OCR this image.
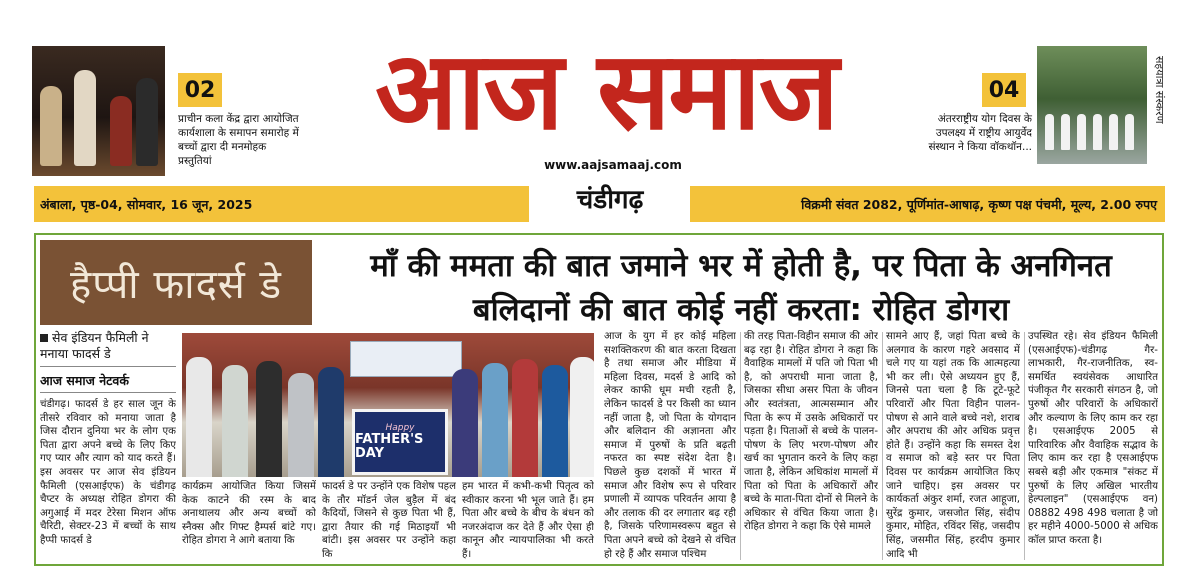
02
प्राचीन कला केंद्र द्वारा आयोजित कार्यशाला के समापन समारोह में बच्चों द्वारा दी मनमोहक प्रस्तुतियां
आज समाज
www.aajsamaaj.com
04
अंतरराष्ट्रीय योग दिवस के उपलक्ष्य में राष्ट्रीय आयुर्वेद संस्थान ने किया वॉकथॉन...
सहयात्रा संस्करण
अंबाला, पृष्ठ-04, सोमवार, 16 जून, 2025	चंडीगढ़	विक्रमी संवत 2082, पूर्णिमांत-आषाढ़, कृष्ण पक्ष पंचमी, मूल्य, 2.00 रुपए
हैप्पी फादर्स डे	माँ की ममता की बात जमाने भर में होती है, पर पिता के अनगिनत बलिदानों की बात कोई नहीं करता: रोहित डोगरा
सेव इंडियन फैमिली ने मनाया फादर्स डे
आज समाज नेटवर्क
चंडीगढ़। फादर्स डे हर साल जून के तीसरे रविवार को मनाया जाता है जिस दौरान दुनिया भर के लोग एक पिता द्वारा अपने बच्चे के लिए किए गए प्यार और त्याग को याद करते हैं। इस अवसर पर आज सेव इंडियन फैमिली (एसआईएफ) के चंडीगढ़ चैप्टर के अध्यक्ष रोहित डोगरा की अगुआई में मदर टेरेसा मिशन ऑफ चैरिटी, सेक्टर-23 में बच्चों के साथ हैप्पी फादर्स डे
Happy
FATHER'S DAY
कार्यक्रम आयोजित किया जिसमें केक काटने की रस्म के बाद अनाथालय और अन्य बच्चों को स्नैक्स और गिफ्ट हैम्पर्स बांटे गए। रोहित डोगरा ने आगे बताया कि
फादर्स डे पर उन्होंने एक विशेष पहल के तौर मॉडर्न जेल बुड़ैल में बंद कैदियों, जिसने से कुछ पिता भी हैं, द्वारा तैयार की गई मिठाइयाँ भी बांटी। इस अवसर पर उन्होंने कहा कि
हम भारत में कभी-कभी पितृत्व को स्वीकार करना भी भूल जाते हैं। हम पिता और बच्चे के बीच के बंधन को नजरअंदाज कर देते हैं और ऐसा ही कानून और न्यायपालिका भी करते हैं।
आज के युग में हर कोई महिला सशक्तिकरण की बात करता दिखता है तथा समाज और मीडिया में महिला दिवस, मदर्स डे आदि को लेकर काफी धूम मची रहती है, लेकिन फादर्स डे पर किसी का ध्यान नहीं जाता है, जो पिता के योगदान और बलिदान की अज्ञानता और समाज में पुरुषों के प्रति बढ़ती नफरत का स्पष्ट संदेश देता है। पिछले कुछ दशकों में भारत में समाज और विशेष रूप से परिवार प्रणाली में व्यापक परिवर्तन आया है और तलाक की दर लगातार बढ़ रही है, जिसके परिणामस्वरूप बहुत से पिता अपने बच्चे को देखने से वंचित हो रहे हैं और समाज पश्चिम
की तरह पिता-विहीन समाज की ओर बढ़ रहा है। रोहित डोगरा ने कहा कि वैवाहिक मामलों में पति जो पिता भी है, को अपराधी माना जाता है, जिसका सीधा असर पिता के जीवन और स्वतंत्रता, आत्मसम्मान और पिता के रूप में उसके अधिकारों पर पड़ता है। पिताओं से बच्चे के पालन-पोषण के लिए भरण-पोषण और खर्च का भुगतान करने के लिए कहा जाता है, लेकिन अधिकांश मामलों में पिता को पिता के अधिकारों और बच्चे के माता-पिता दोनों से मिलने के अधिकार से वंचित किया जाता है। रोहित डोगरा ने कहा कि ऐसे मामले
सामने आए हैं, जहां पिता बच्चे के अलगाव के कारण गहरे अवसाद में चले गए या यहां तक कि आत्महत्या भी कर ली। ऐसे अध्ययन हुए हैं, जिनसे पता चला है कि टूटे-फूटे परिवारों और पिता विहीन पालन-पोषण से आने वाले बच्चे नशे, शराब और अपराध की ओर अधिक प्रवृत्त होते हैं। उन्होंने कहा कि समस्त देश व समाज को बड़े स्तर पर पिता दिवस पर कार्यक्रम आयोजित किए जाने चाहिए। इस अवसर पर कार्यकर्ता अंकुर शर्मा, रजत आहूजा, सुरेंद्र कुमार, जसजोत सिंह, संदीप कुमार, मोहित, रविंदर सिंह, जसदीप सिंह, जसमीत सिंह, हरदीप कुमार आदि भी
उपस्थित रहे। सेव इंडियन फैमिली (एसआईएफ)-चंडीगढ़ गैर-लाभकारी, गैर-राजनीतिक, स्व-समर्थित स्वयंसेवक आधारित पंजीकृत गैर सरकारी संगठन है, जो पुरुषों और परिवारों के अधिकारों और कल्याण के लिए काम कर रहा है। एसआईएफ 2005 से पारिवारिक और वैवाहिक सद्भाव के लिए काम कर रहा है एसआईएफ सबसे बड़ी और एकमात्र "संकट में पुरुषों के लिए अखिल भारतीय हेल्पलाइन" (एसआईएफ वन) 08882 498 498 चलाता है जो हर महीने 4000-5000 से अधिक कॉल प्राप्त करता है।
